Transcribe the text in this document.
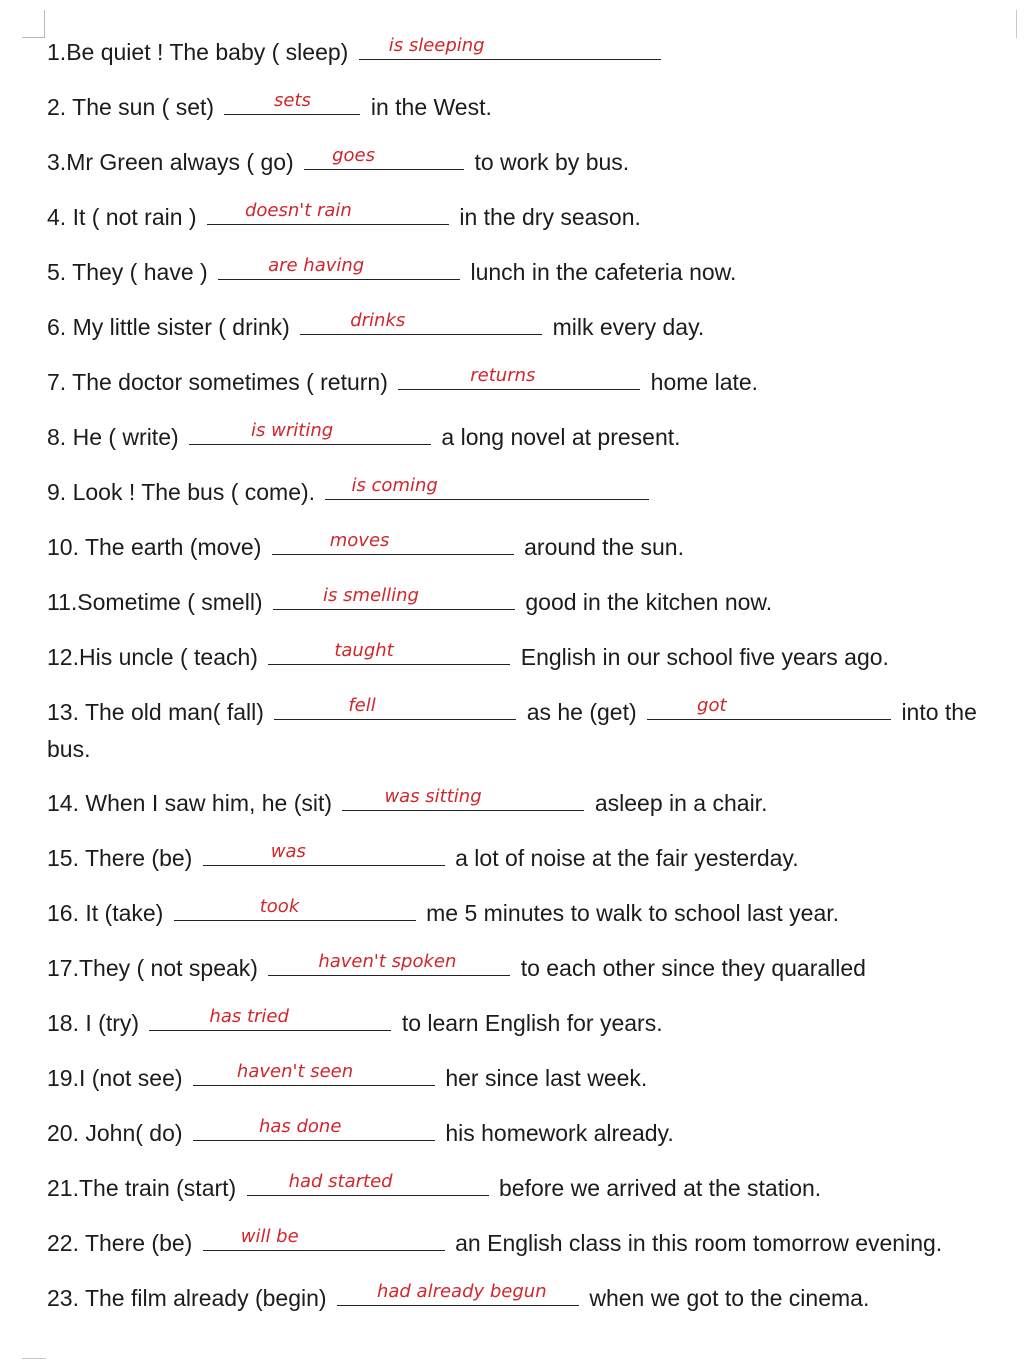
1.Be quiet ! The baby ( sleep)	is sleeping
2. The sun ( set)	sets	in the West.
3.Mr Green always ( go)	goes	to work by bus.
4. It ( not rain )	doesn't rain	in the dry season.
5. They ( have )	are having	lunch in the cafeteria now.
6. My little sister ( drink)	drinks	milk every day.
7. The doctor sometimes ( return)	returns	home late.
8. He ( write)	is writing	a long novel at present.
9. Look ! The bus ( come).	is coming
10. The earth (move)	moves	around the sun.
11.Sometime ( smell)	is smelling	good in the kitchen now.
12.His uncle ( teach)	taught	English in our school five years ago.
13. The old man( fall)	fell	as he (get)	got	into the
bus.
14. When I saw him, he (sit)	was sitting	asleep in a chair.
15. There (be)	was	a lot of noise at the fair yesterday.
16. It (take)	took	me 5 minutes to walk to school last year.
17.They ( not speak)	haven't spoken	to each other since they quaralled
18. I (try)	has tried	to learn English for years.
19.I (not see)	haven't seen	her since last week.
20. John( do)	has done	his homework already.
21.The train (start)	had started	before we arrived at the station.
22. There (be)	will be	an English class in this room tomorrow evening.
23. The film already (begin)	had already begun	when we got to the cinema.
